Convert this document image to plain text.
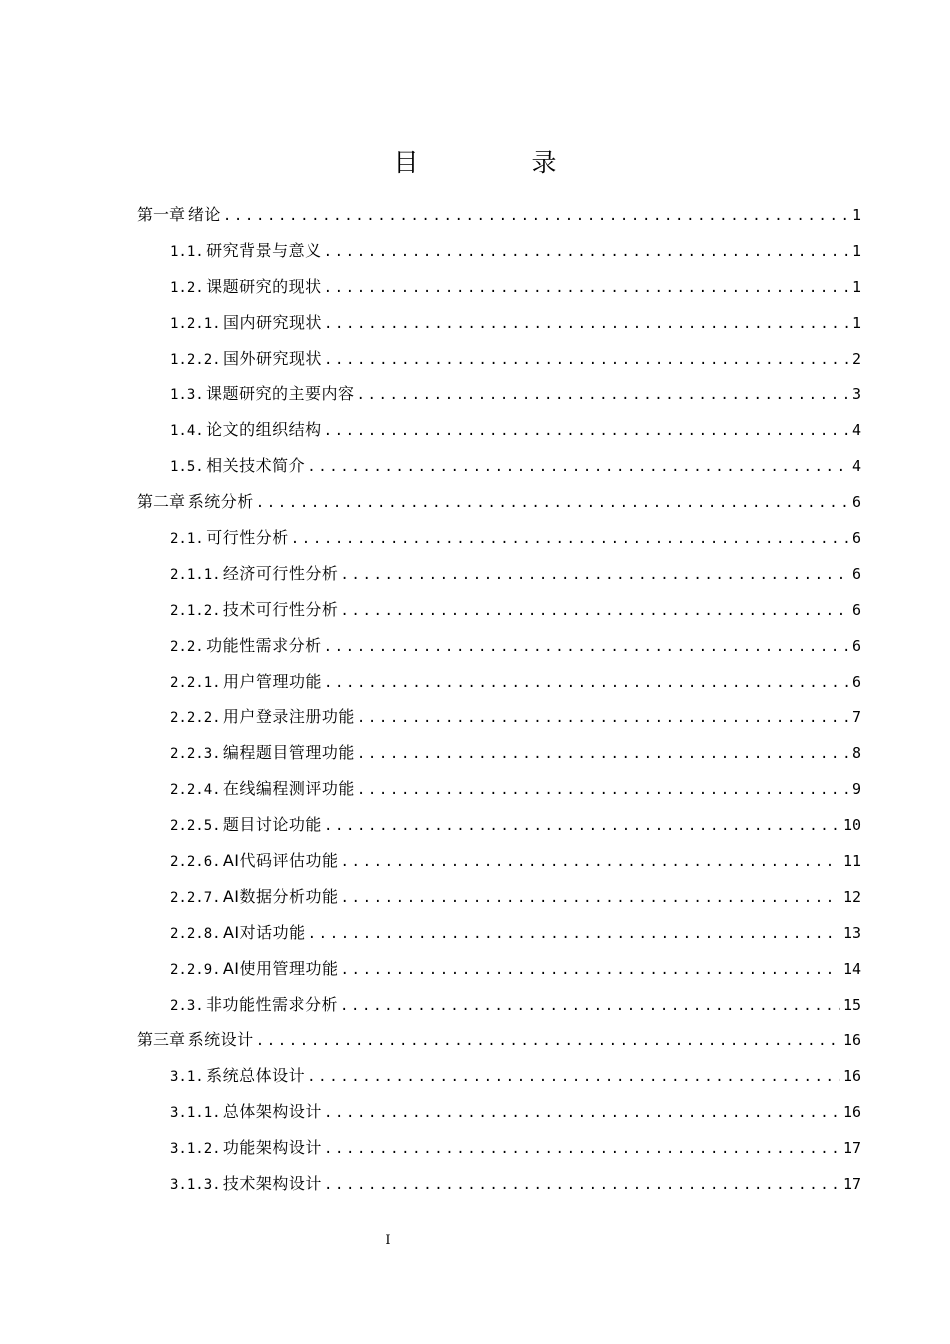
目　录
第一章 绪论 .....	1
1.1. 研究背景与意义 .....	1
1.2. 课题研究的现状 .....	1
1.2.1. 国内研究现状 .....	1
1.2.2. 国外研究现状 .....	2
1.3. 课题研究的主要内容 .....	3
1.4. 论文的组织结构 .....	4
1.5. 相关技术简介 .....	4
第二章 系统分析 .....	6
2.1. 可行性分析 .....	6
2.1.1. 经济可行性分析 .....	6
2.1.2. 技术可行性分析 .....	6
2.2. 功能性需求分析 .....	6
2.2.1. 用户管理功能 .....	6
2.2.2. 用户登录注册功能 .....	7
2.2.3. 编程题目管理功能 .....	8
2.2.4. 在线编程测评功能 .....	9
2.2.5. 题目讨论功能 .....	10
2.2.6. AI代码评估功能 .....	11
2.2.7. AI数据分析功能 .....	12
2.2.8. AI对话功能 .....	13
2.2.9. AI使用管理功能 .....	14
2.3. 非功能性需求分析 .....	15
第三章 系统设计 .....	16
3.1. 系统总体设计 .....	16
3.1.1. 总体架构设计 .....	16
3.1.2. 功能架构设计 .....	17
3.1.3. 技术架构设计 .....	17
I
